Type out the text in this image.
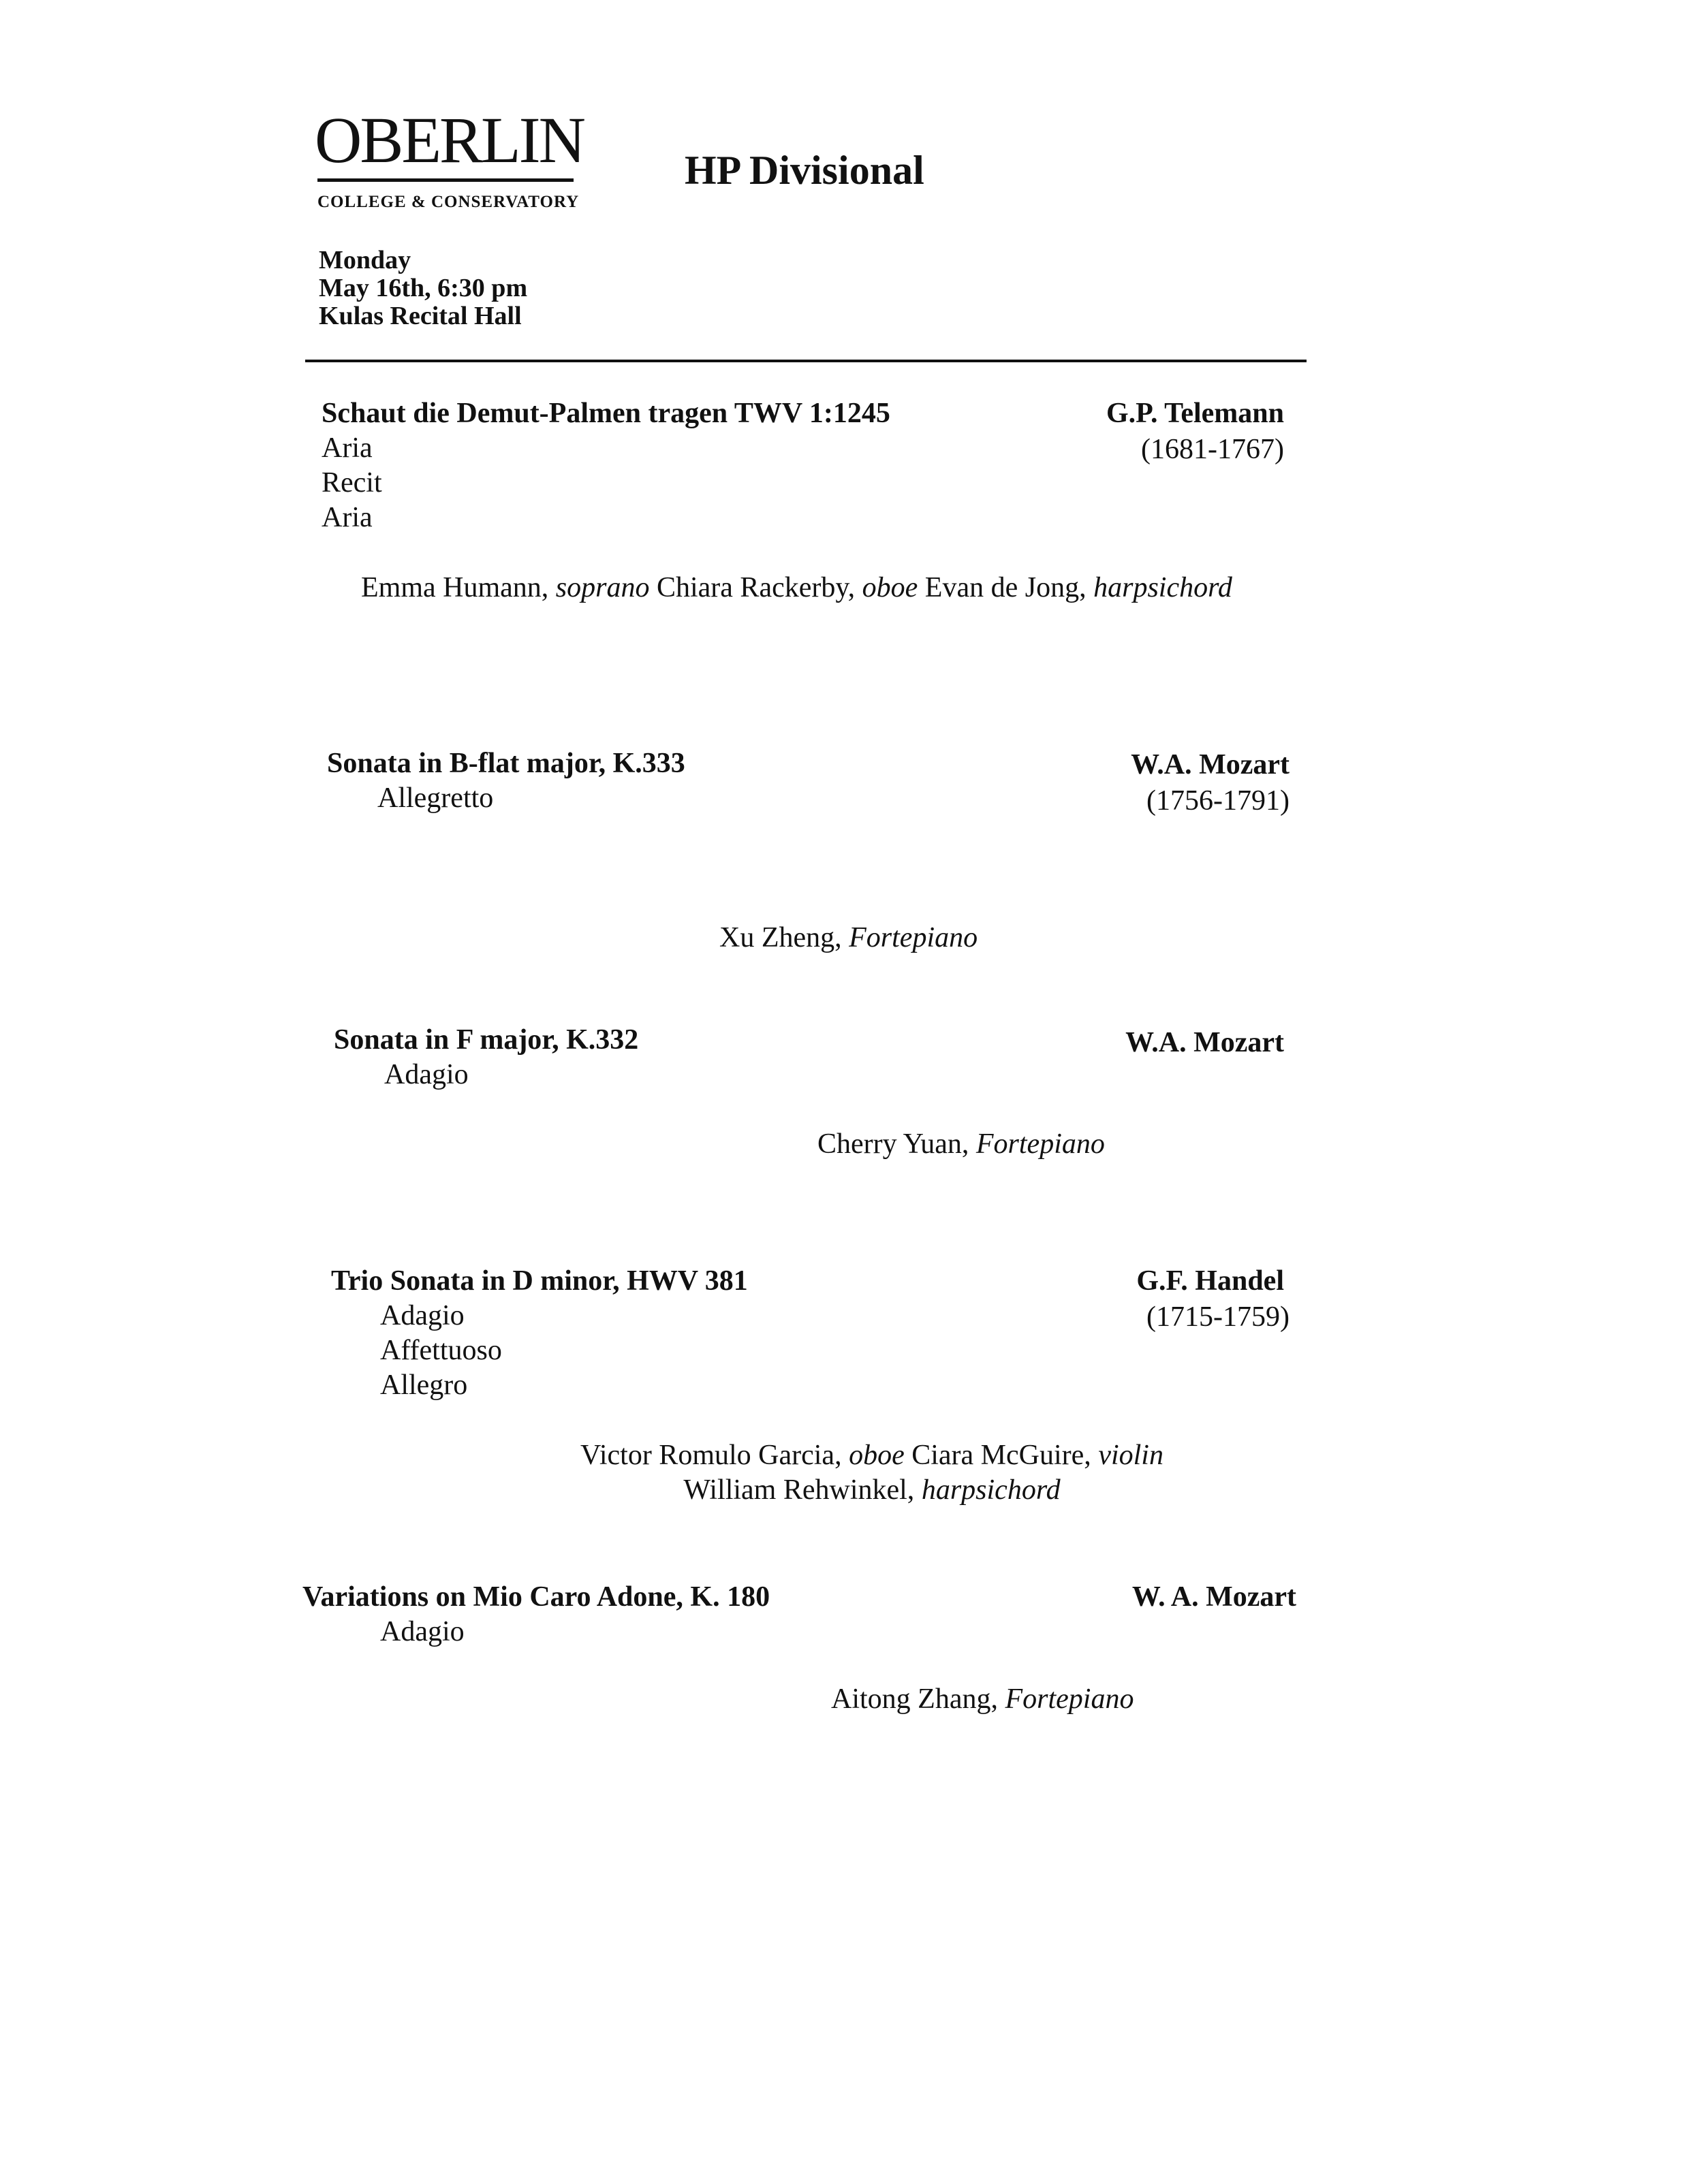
OBERLIN
COLLEGE & CONSERVATORY
HP Divisional
Monday
May 16th, 6:30 pm
Kulas Recital Hall
Schaut die Demut-Palmen tragen TWV 1:1245	G.P. Telemann
(1681-1767)
Aria
Recit
Aria
Emma Humann, soprano Chiara Rackerby, oboe Evan de Jong, harpsichord
Sonata in B-flat major, K.333	W.A. Mozart
(1756-1791)
Allegretto
Xu Zheng, Fortepiano
Sonata in F major, K.332	W.A. Mozart
Adagio
Cherry Yuan, Fortepiano
Trio Sonata in D minor, HWV 381	G.F. Handel
(1715-1759)
Adagio
Affettuoso
Allegro
Victor Romulo Garcia, oboe Ciara McGuire, violin
William Rehwinkel, harpsichord
Variations on Mio Caro Adone, K. 180	W. A. Mozart
Adagio
Aitong Zhang, Fortepiano
